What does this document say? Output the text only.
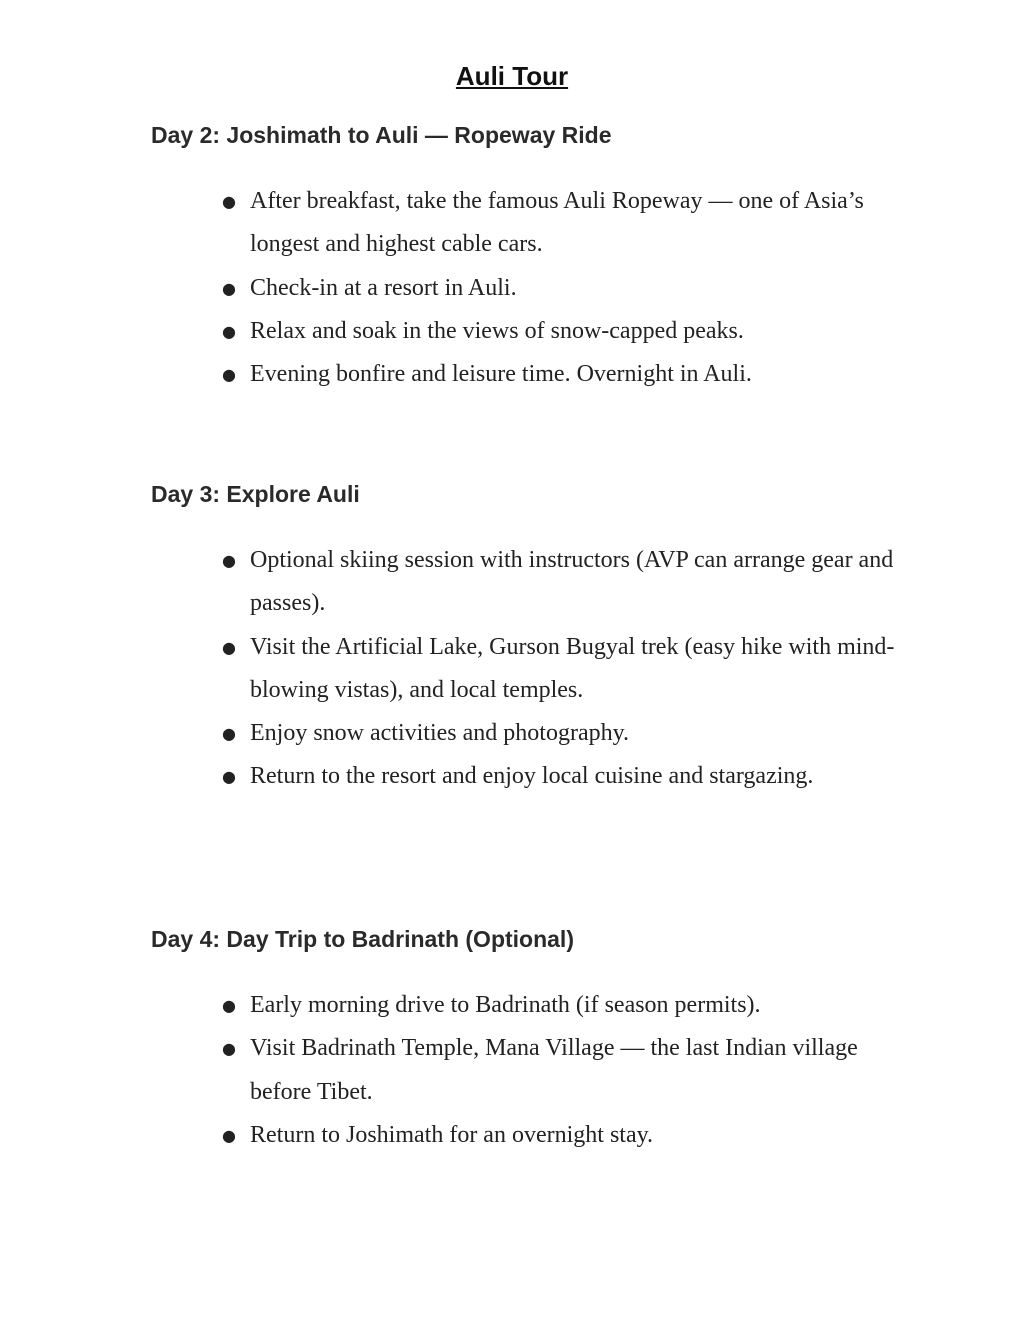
Auli Tour
Day 2: Joshimath to Auli — Ropeway Ride
● After breakfast, take the famous Auli Ropeway — one of Asia’s longest and highest cable cars.
● Check-in at a resort in Auli.
● Relax and soak in the views of snow-capped peaks.
● Evening bonfire and leisure time. Overnight in Auli.
Day 3: Explore Auli
● Optional skiing session with instructors (AVP can arrange gear and passes).
● Visit the Artificial Lake, Gurson Bugyal trek (easy hike with mind-blowing vistas), and local temples.
● Enjoy snow activities and photography.
● Return to the resort and enjoy local cuisine and stargazing.
Day 4: Day Trip to Badrinath (Optional)
● Early morning drive to Badrinath (if season permits).
● Visit Badrinath Temple, Mana Village — the last Indian village before Tibet.
● Return to Joshimath for an overnight stay.
